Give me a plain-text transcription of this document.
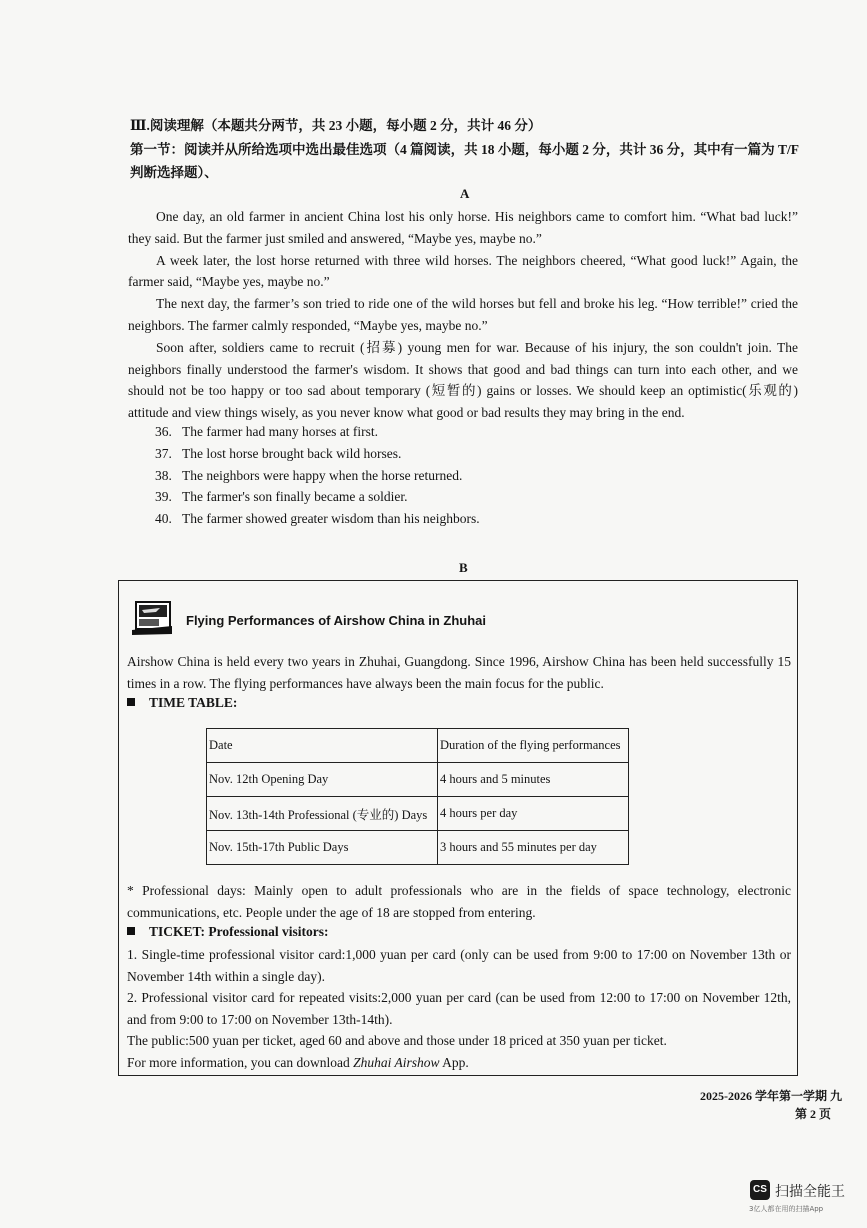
Ⅲ.阅读理解（本题共分两节，共 23 小题，每小题 2 分，共计 46 分）
第一节：阅读并从所给选项中选出最佳选项（4 篇阅读，共 18 小题，每小题 2 分，共计 36 分，其中有一篇为 T/F 判断选择题）、
A

One day, an old farmer in ancient China lost his only horse. His neighbors came to comfort him. “What bad luck!” they said. But the farmer just smiled and answered, “Maybe yes, maybe no.”

A week later, the lost horse returned with three wild horses. The neighbors cheered, “What good luck!” Again, the farmer said, “Maybe yes, maybe no.”

The next day, the farmer’s son tried to ride one of the wild horses but fell and broke his leg. “How terrible!” cried the neighbors. The farmer calmly responded, “Maybe yes, maybe no.”

Soon after, soldiers came to recruit (招募) young men for war. Because of his injury, the son couldn't join. The neighbors finally understood the farmer's wisdom. It shows that good and bad things can turn into each other, and we should not be too happy or too sad about temporary (短暂的) gains or losses. We should keep an optimistic(乐观的) attitude and view things wisely, as you never know what good or bad results they may bring in the end.

36. The farmer had many horses at first.
37. The lost horse brought back wild horses.
38. The neighbors were happy when the horse returned.
39. The farmer's son finally became a soldier.
40. The farmer showed greater wisdom than his neighbors.
B
Flying Performances of Airshow China in Zhuhai
Airshow China is held every two years in Zhuhai, Guangdong. Since 1996, Airshow China has been held successfully 15 times in a row. The flying performances have always been the main focus for the public.
TIME TABLE:
Date	Duration of the flying performances
Nov. 12th Opening Day	4 hours and 5 minutes
Nov. 13th-14th Professional (专业的) Days	4 hours per day
Nov. 15th-17th Public Days	3 hours and 55 minutes per day
* Professional days: Mainly open to adult professionals who are in the fields of space technology, electronic communications, etc. People under the age of 18 are stopped from entering.
TICKET: Professional visitors:

1. Single-time professional visitor card:1,000 yuan per card (only can be used from 9:00 to 17:00 on November 13th or November 14th within a single day).

2. Professional visitor card for repeated visits:2,000 yuan per card (can be used from 12:00 to 17:00 on November 12th, and from 9:00 to 17:00 on November 13th-14th).

The public:500 yuan per ticket, aged 60 and above and those under 18 priced at 350 yuan per ticket.

For more information, you can download Zhuhai Airshow App.

2025-2026 学年第一学期 九
第 2 页
CS 扫描全能王
3亿人都在用的扫描App
